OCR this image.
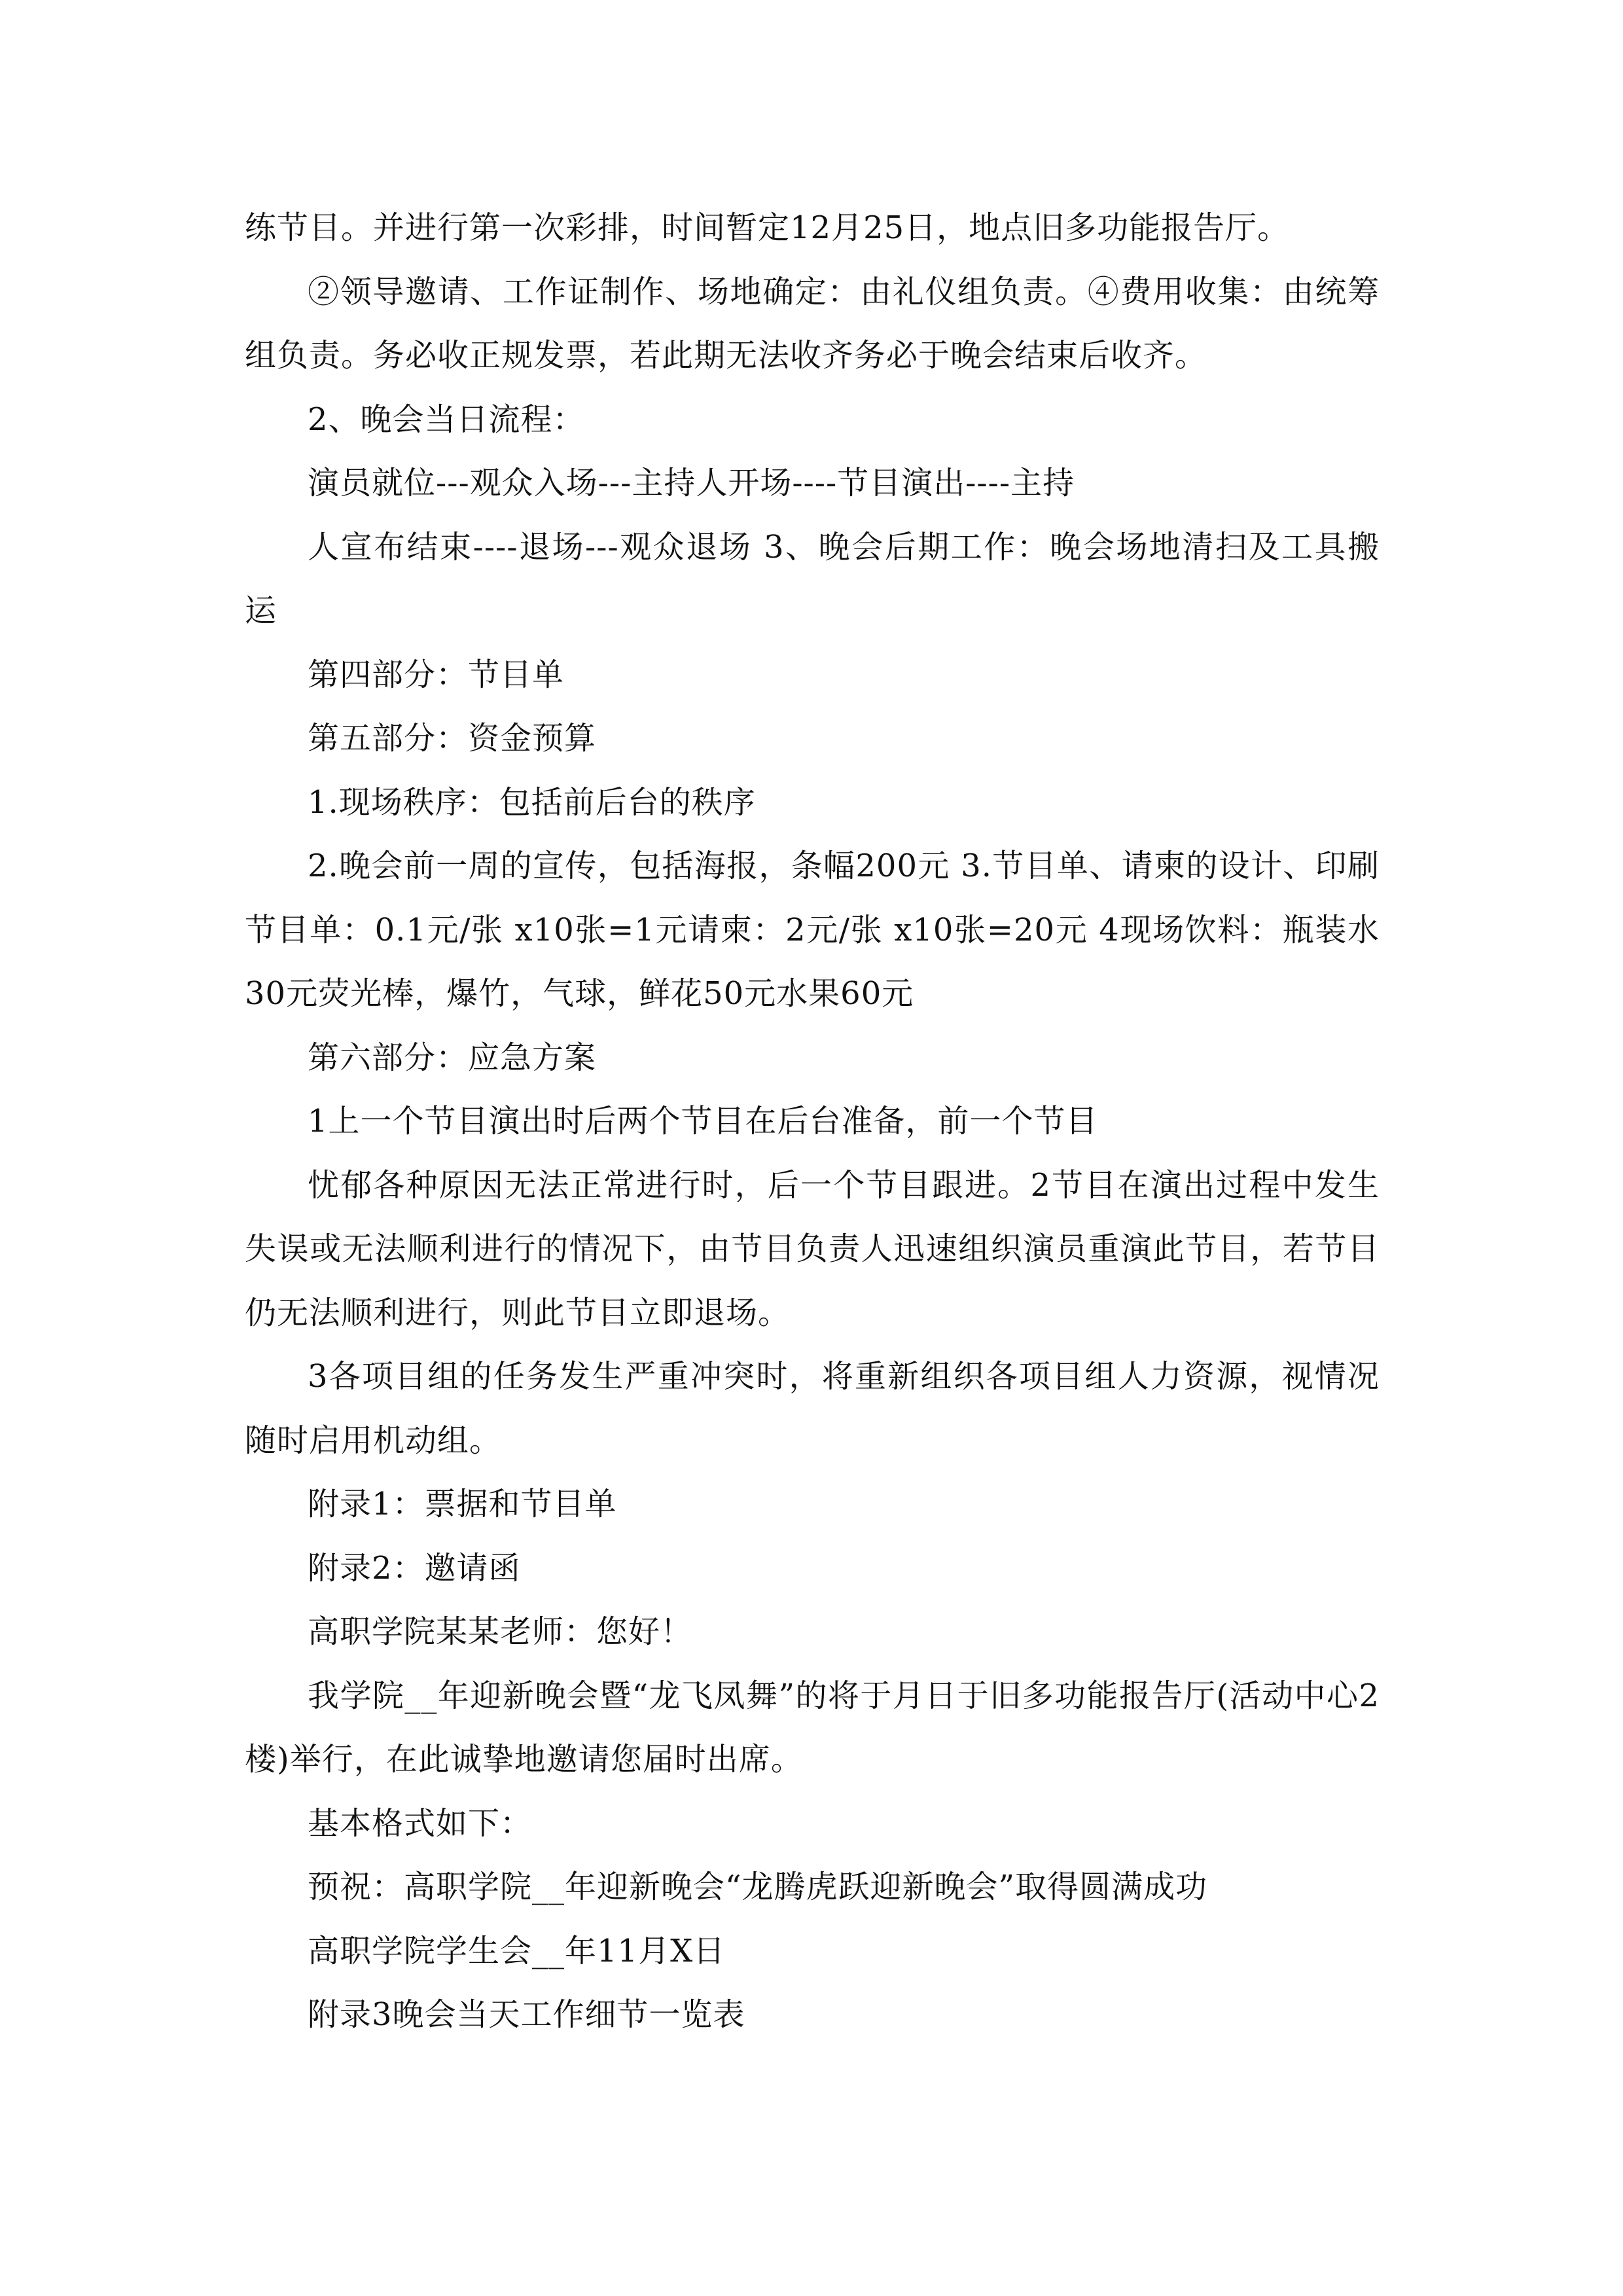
练节目。并进行第一次彩排，时间暂定12月25日，地点旧多功能报告厅。

②领导邀请、工作证制作、场地确定：由礼仪组负责。④费用收集：由统筹组负责。务必收正规发票，若此期无法收齐务必于晚会结束后收齐。

2、晚会当日流程：

演员就位---观众入场---主持人开场----节目演出----主持

人宣布结束----退场---观众退场 3、晚会后期工作：晚会场地清扫及工具搬运

第四部分：节目单

第五部分：资金预算

1.现场秩序：包括前后台的秩序

2.晚会前一周的宣传，包括海报，条幅200元 3.节目单、请柬的设计、印刷节目单：0.1元/张 x10张=1元请柬：2元/张 x10张=20元 4现场饮料：瓶装水30元荧光棒，爆竹，气球，鲜花50元水果60元

第六部分：应急方案

1上一个节目演出时后两个节目在后台准备，前一个节目

忧郁各种原因无法正常进行时，后一个节目跟进。2节目在演出过程中发生失误或无法顺利进行的情况下，由节目负责人迅速组织演员重演此节目，若节目仍无法顺利进行，则此节目立即退场。

3各项目组的任务发生严重冲突时，将重新组织各项目组人力资源，视情况随时启用机动组。

附录1：票据和节目单

附录2：邀请函

高职学院某某老师：您好！

我学院__年迎新晚会暨“龙飞凤舞”的将于月日于旧多功能报告厅(活动中心2楼)举行，在此诚挚地邀请您届时出席。

基本格式如下：

预祝：高职学院__年迎新晚会“龙腾虎跃迎新晚会”取得圆满成功

高职学院学生会__年11月X日

附录3晚会当天工作细节一览表
